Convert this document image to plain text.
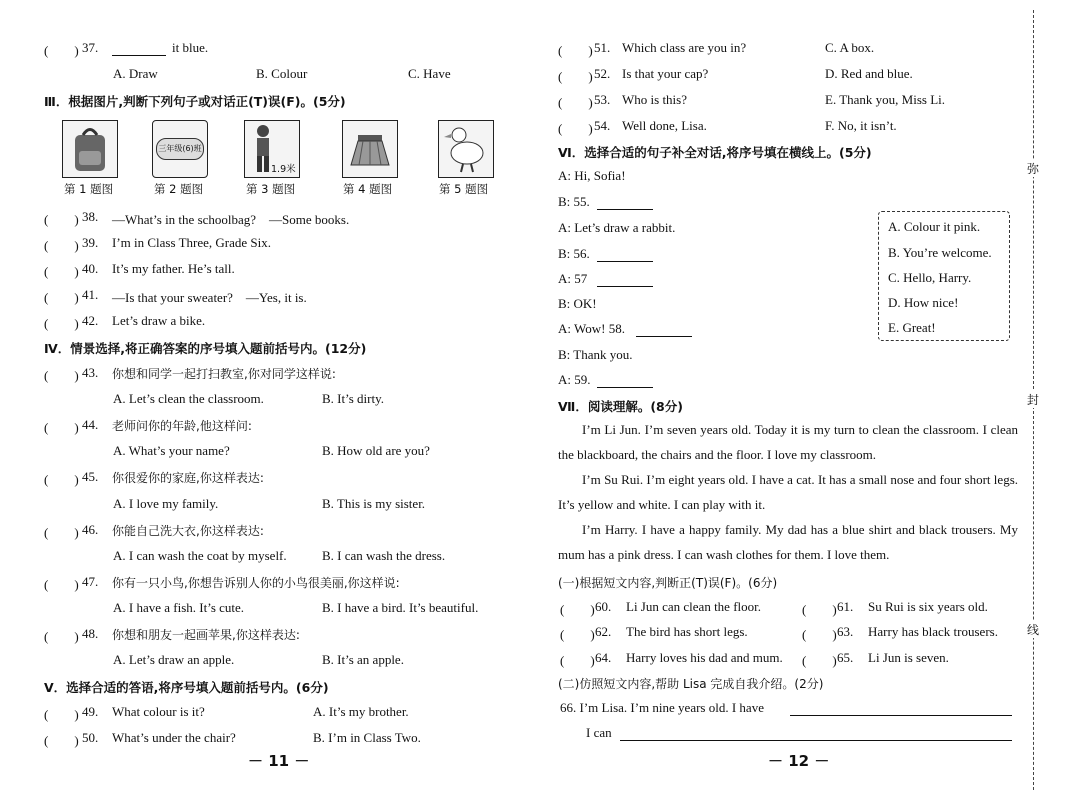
(　　) 37.	it blue.
A. Draw	B. Colour	C. Have
Ⅲ．根据图片,判断下列句子或对话正(T)误(F)。(5分)
三年级(6)班
1.9米
第 1 题图	第 2 题图	第 3 题图	第 4 题图	第 5 题图
(　　) 38. —What’s in the schoolbag?　—Some books.
(　　) 39. I’m in Class Three, Grade Six.
(　　) 40. It’s my father. He’s tall.
(　　) 41. —Is that your sweater?　—Yes, it is.
(　　) 42. Let’s draw a bike.
Ⅳ．情景选择,将正确答案的序号填入题前括号内。(12分)
(　　) 43. 你想和同学一起打扫教室,你对同学这样说:
A. Let’s clean the classroom.	B. It’s dirty.
(　　) 44. 老师问你的年龄,他这样问:
A. What’s your name?	B. How old are you?
(　　) 45. 你很爱你的家庭,你这样表达:
A. I love my family.	B. This is my sister.
(　　) 46. 你能自己洗大衣,你这样表达:
A. I can wash the coat by myself.	B. I can wash the dress.
(　　) 47. 你有一只小鸟,你想告诉别人你的小鸟很美丽,你这样说:
A. I have a fish. It’s cute.	B. I have a bird. It’s beautiful.
(　　) 48. 你想和朋友一起画苹果,你这样表达:
A. Let’s draw an apple.	B. It’s an apple.
Ⅴ．选择合适的答语,将序号填入题前括号内。(6分)
(　　) 49. What colour is it?	A. It’s my brother.
(　　) 50. What’s under the chair?	B. I’m in Class Two.
－ 11 －
(　　) 51. Which class are you in?	C. A box.
(　　) 52. Is that your cap?	D. Red and blue.
(　　) 53. Who is this?	E. Thank you, Miss Li.
(　　) 54. Well done, Lisa.	F. No, it isn’t.
Ⅵ．选择合适的句子补全对话,将序号填在横线上。(5分)
A: Hi, Sofia!
B: 55.
A: Let’s draw a rabbit.
B: 56.
A: 57
B: OK!
A: Wow! 58.
B: Thank you.
A: 59.
A. Colour it pink.
B. You’re welcome.
C. Hello, Harry.
D. How nice!
E. Great!
Ⅶ．阅读理解。(8分)
I’m Li Jun. I’m seven years old. Today it is my turn to clean the classroom. I clean the blackboard, the chairs and the floor. I love my classroom.
I’m Su Rui. I’m eight years old. I have a cat. It has a small nose and four short legs. It’s yellow and white. I can play with it.
I’m Harry. I have a happy family. My dad has a blue shirt and black trousers. My mum has a pink dress. I can wash clothes for them. I love them.
(一)根据短文内容,判断正(T)误(F)。(6分)
(　　) 60. Li Jun can clean the floor.	(　　) 61. Su Rui is six years old.
(　　) 62. The bird has short legs.	(　　) 63. Harry has black trousers.
(　　) 64. Harry loves his dad and mum. (　　) 65. Li Jun is seven.
(二)仿照短文内容,帮助 Lisa 完成自我介绍。(2分)
66. I’m Lisa. I’m nine years old. I have
I can
－ 12 －
弥
封
线
